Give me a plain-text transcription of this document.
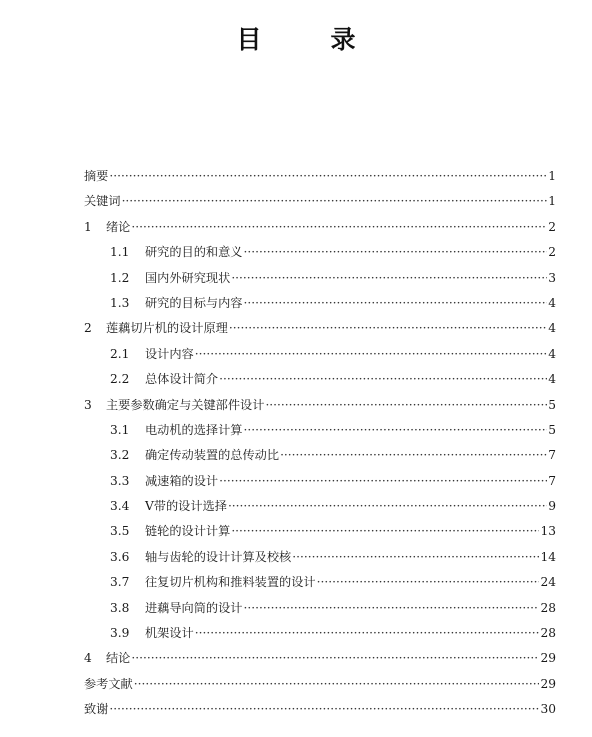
目　录
摘要 ·····	1
关键词 ·····	1
1	绪论 ·····	2
1.1	研究的目的和意义 ·····	2
1.2	国内外研究现状 ·····	3
1.3	研究的目标与内容 ·····	4
2	莲藕切片机的设计原理 ·····	4
2.1	设计内容 ·····	4
2.2	总体设计简介 ·····	4
3	主要参数确定与关键部件设计 ·····	5
3.1	电动机的选择计算 ·····	5
3.2	确定传动装置的总传动比 ·····	7
3.3	减速箱的设计 ·····	7
3.4	V带的设计选择 ·····	9
3.5	链轮的设计计算 ·····	13
3.6	轴与齿轮的设计计算及校核 ·····	14
3.7	往复切片机构和推料装置的设计 ·····	24
3.8	进藕导向筒的设计 ·····	28
3.9	机架设计 ·····	28
4	结论 ·····	29
参考文献 ·····	29
致谢 ·····	30
